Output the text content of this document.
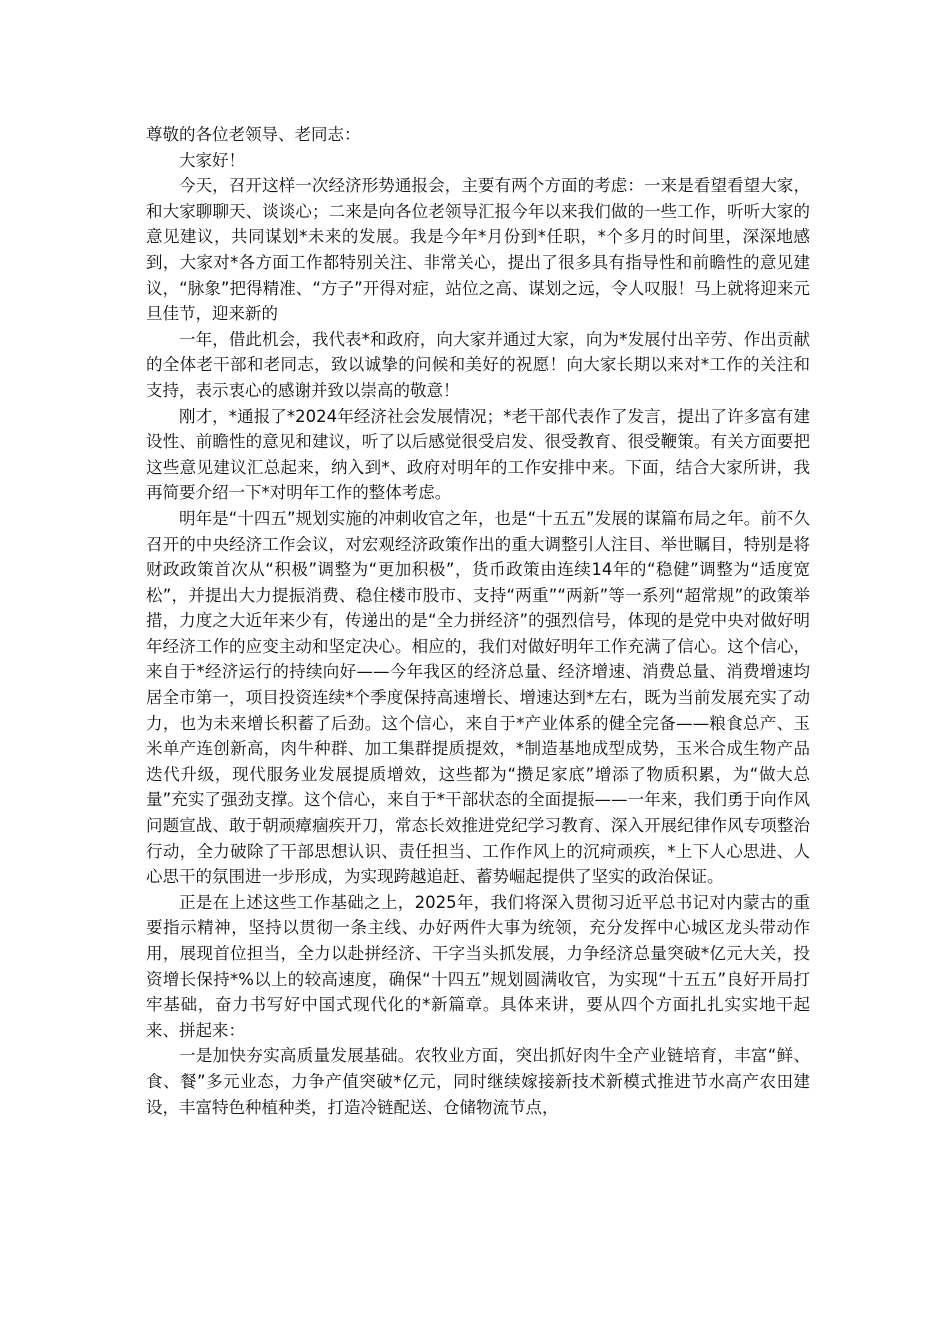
尊敬的各位老领导、老同志：

大家好！

今天，召开这样一次经济形势通报会，主要有两个方面的考虑：一来是看望看望大家，和大家聊聊天、谈谈心；二来是向各位老领导汇报今年以来我们做的一些工作，听听大家的意见建议，共同谋划*未来的发展。我是今年*月份到*任职，*个多月的时间里，深深地感到，大家对*各方面工作都特别关注、非常关心，提出了很多具有指导性和前瞻性的意见建议，“脉象”把得精准、“方子”开得对症，站位之高、谋划之远，令人叹服！马上就将迎来元旦佳节，迎来新的

一年，借此机会，我代表*和政府，向大家并通过大家，向为*发展付出辛劳、作出贡献的全体老干部和老同志，致以诚挚的问候和美好的祝愿！向大家长期以来对*工作的关注和支持，表示衷心的感谢并致以崇高的敬意！

刚才，*通报了*2024年经济社会发展情况；*老干部代表作了发言，提出了许多富有建设性、前瞻性的意见和建议，听了以后感觉很受启发、很受教育、很受鞭策。有关方面要把这些意见建议汇总起来，纳入到*、政府对明年的工作安排中来。下面，结合大家所讲，我再简要介绍一下*对明年工作的整体考虑。

明年是“十四五”规划实施的冲刺收官之年，也是“十五五”发展的谋篇布局之年。前不久召开的中央经济工作会议，对宏观经济政策作出的重大调整引人注目、举世瞩目，特别是将财政政策首次从“积极”调整为“更加积极”，货币政策由连续14年的“稳健”调整为“适度宽松”，并提出大力提振消费、稳住楼市股市、支持“两重”“两新”等一系列“超常规”的政策举措，力度之大近年来少有，传递出的是“全力拼经济”的强烈信号，体现的是党中央对做好明年经济工作的应变主动和坚定决心。相应的，我们对做好明年工作充满了信心。这个信心，来自于*经济运行的持续向好——今年我区的经济总量、经济增速、消费总量、消费增速均居全市第一，项目投资连续*个季度保持高速增长、增速达到*左右，既为当前发展充实了动力，也为未来增长积蓄了后劲。这个信心，来自于*产业体系的健全完备——粮食总产、玉米单产连创新高，肉牛种群、加工集群提质提效，*制造基地成型成势，玉米合成生物产品迭代升级，现代服务业发展提质增效，这些都为“攒足家底”增添了物质积累，为“做大总量”充实了强劲支撑。这个信心，来自于*干部状态的全面提振——一年来，我们勇于向作风问题宣战、敢于朝顽瘴痼疾开刀，常态长效推进党纪学习教育、深入开展纪律作风专项整治行动，全力破除了干部思想认识、责任担当、工作作风上的沉疴顽疾，*上下人心思进、人心思干的氛围进一步形成，为实现跨越追赶、蓄势崛起提供了坚实的政治保证。

正是在上述这些工作基础之上，2025年，我们将深入贯彻习近平总书记对内蒙古的重要指示精神，坚持以贯彻一条主线、办好两件大事为统领，充分发挥中心城区龙头带动作用，展现首位担当，全力以赴拼经济、干字当头抓发展，力争经济总量突破*亿元大关，投资增长保持*%以上的较高速度，确保“十四五”规划圆满收官，为实现“十五五”良好开局打牢基础，奋力书写好中国式现代化的*新篇章。具体来讲，要从四个方面扎扎实实地干起来、拼起来：

一是加快夯实高质量发展基础。农牧业方面，突出抓好肉牛全产业链培育，丰富“鲜、食、餐”多元业态，力争产值突破*亿元，同时继续嫁接新技术新模式推进节水高产农田建设，丰富特色种植种类，打造冷链配送、仓储物流节点，
